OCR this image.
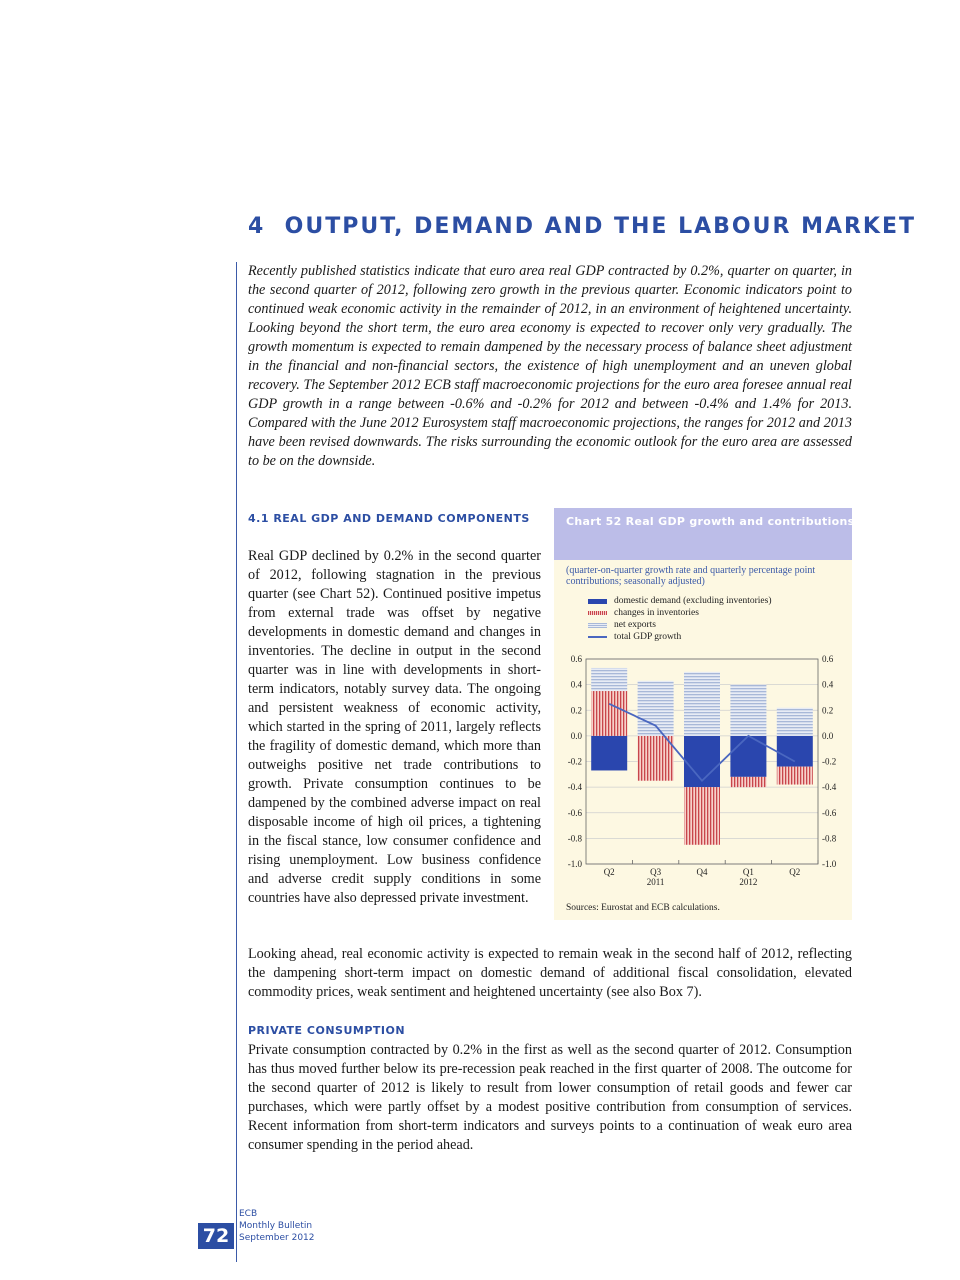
4 OUTPUT, DEMAND AND THE LABOUR MARKET

Recently published statistics indicate that euro area real GDP contracted by 0.2%, quarter on quarter, in the second quarter of 2012, following zero growth in the previous quarter. Economic indicators point to continued weak economic activity in the remainder of 2012, in an environment of heightened uncertainty. Looking beyond the short term, the euro area economy is expected to recover only very gradually. The growth momentum is expected to remain dampened by the necessary process of balance sheet adjustment in the financial and non-financial sectors, the existence of high unemployment and an uneven global recovery. The September 2012 ECB staff macroeconomic projections for the euro area foresee annual real GDP growth in a range between -0.6% and -0.2% for 2012 and between -0.4% and 1.4% for 2013. Compared with the June 2012 Eurosystem staff macroeconomic projections, the ranges for 2012 and 2013 have been revised downwards. The risks surrounding the economic outlook for the euro area are assessed to be on the downside.

4.1 REAL GDP AND DEMAND COMPONENTS

Real GDP declined by 0.2% in the second quarter of 2012, following stagnation in the previous quarter (see Chart 52). Continued positive impetus from external trade was offset by negative developments in domestic demand and changes in inventories. The decline in output in the second quarter was in line with developments in short-term indicators, notably survey data. The ongoing and persistent weakness of economic activity, which started in the spring of 2011, largely reflects the fragility of domestic demand, which more than outweighs positive net trade contributions to growth. Private consumption continues to be dampened by the combined adverse impact on real disposable income of high oil prices, a tightening in the fiscal stance, low consumer confidence and rising unemployment. Low business confidence and adverse credit supply conditions in some countries have also depressed private investment.

Chart 52 Real GDP growth and contributions

(quarter-on-quarter growth rate and quarterly percentage point contributions; seasonally adjusted)

0.6	0.6
0.4	0.4
0.2	0.2
0.0	0.0
-0.2	-0.2
-0.4	-0.4
-0.6	-0.6
-0.8	-0.8
-1.0	-1.0
Q2	Q3	Q4	Q1	Q2
2011	2012
domestic demand (excluding inventories)
changes in inventories
net exports
total GDP growth

Sources: Eurostat and ECB calculations.

Looking ahead, real economic activity is expected to remain weak in the second half of 2012, reflecting the dampening short-term impact on domestic demand of additional fiscal consolidation, elevated commodity prices, weak sentiment and heightened uncertainty (see also Box 7).

PRIVATE CONSUMPTION

Private consumption contracted by 0.2% in the first as well as the second quarter of 2012. Consumption has thus moved further below its pre-recession peak reached in the first quarter of 2008. The outcome for the second quarter of 2012 is likely to result from lower consumption of retail goods and fewer car purchases, which were partly offset by a modest positive contribution from consumption of services. Recent information from short-term indicators and surveys points to a continuation of weak euro area consumer spending in the period ahead.

72
ECB
Monthly Bulletin
September 2012
